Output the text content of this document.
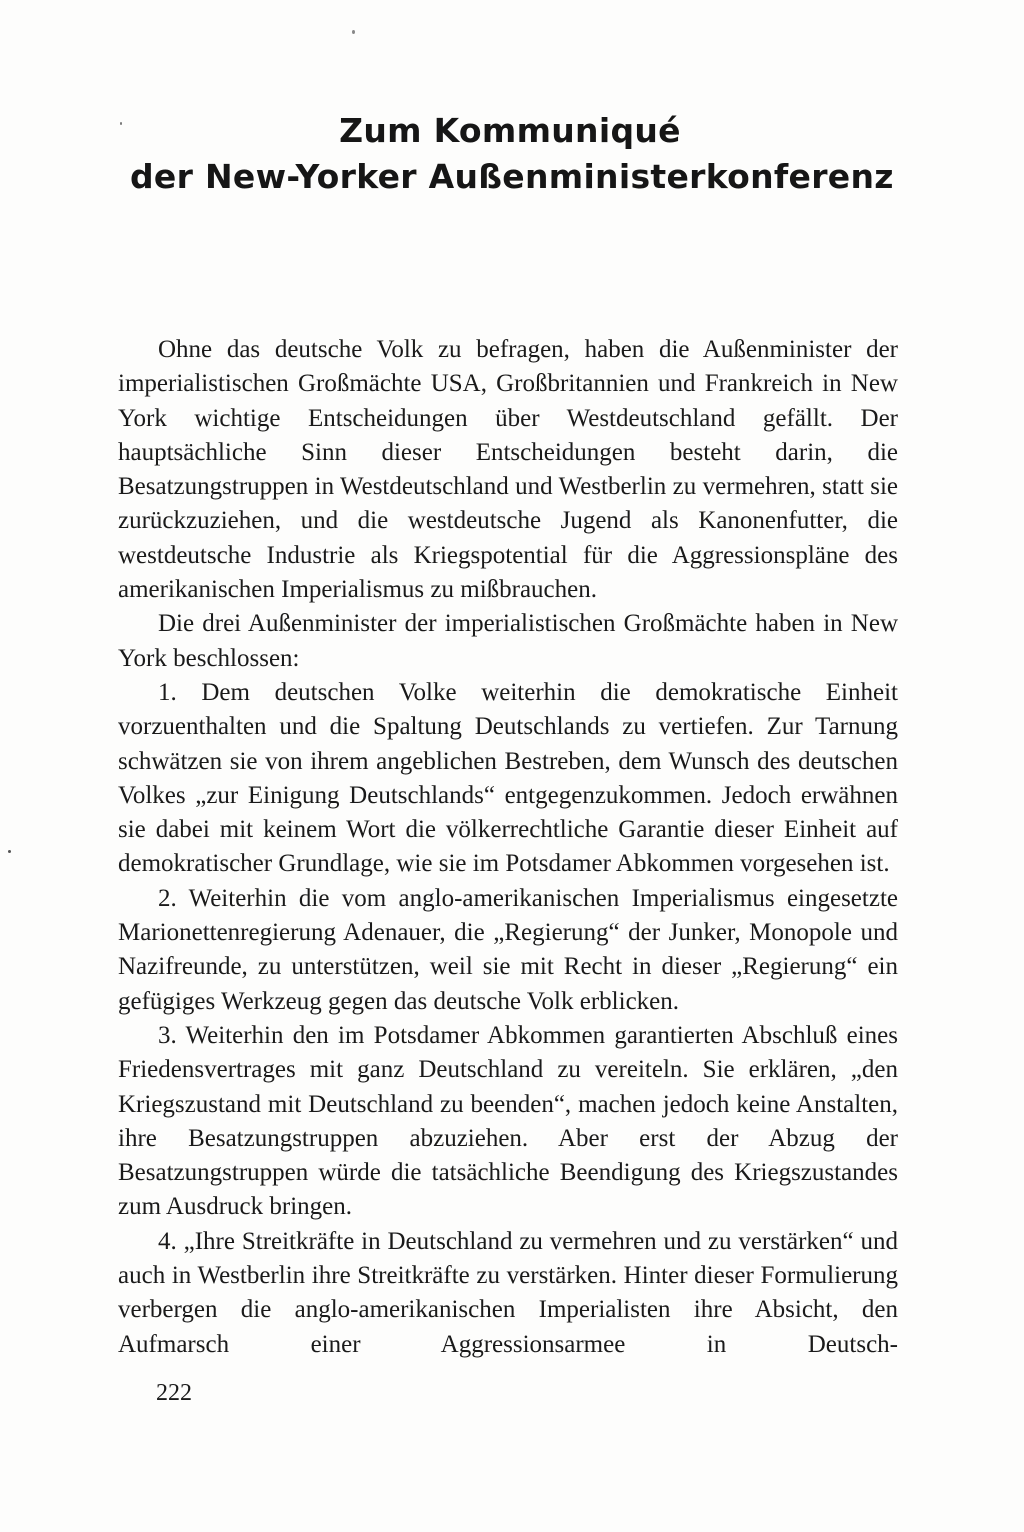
Zum Kommuniqué
der New-Yorker Außenministerkonferenz

Ohne das deutsche Volk zu befragen, haben die Außenminister der imperialistischen Großmächte USA, Großbritannien und Frankreich in New York wichtige Entscheidungen über Westdeutschland gefällt. Der hauptsächliche Sinn dieser Entscheidungen besteht darin, die Besatzungstruppen in Westdeutschland und Westberlin zu vermehren, statt sie zurückzuziehen, und die westdeutsche Jugend als Kanonenfutter, die westdeutsche Industrie als Kriegspotential für die Aggressionspläne des amerikanischen Imperialismus zu mißbrauchen.

Die drei Außenminister der imperialistischen Großmächte haben in New York beschlossen:

1. Dem deutschen Volke weiterhin die demokratische Einheit vorzuenthalten und die Spaltung Deutschlands zu vertiefen. Zur Tarnung schwätzen sie von ihrem angeblichen Bestreben, dem Wunsch des deutschen Volkes „zur Einigung Deutschlands“ entgegenzukommen. Jedoch erwähnen sie dabei mit keinem Wort die völkerrechtliche Garantie dieser Einheit auf demokratischer Grundlage, wie sie im Potsdamer Abkommen vorgesehen ist.

2. Weiterhin die vom anglo-amerikanischen Imperialismus eingesetzte Marionettenregierung Adenauer, die „Regierung“ der Junker, Monopole und Nazifreunde, zu unterstützen, weil sie mit Recht in dieser „Regierung“ ein gefügiges Werkzeug gegen das deutsche Volk erblicken.

3. Weiterhin den im Potsdamer Abkommen garantierten Abschluß eines Friedensvertrages mit ganz Deutschland zu vereiteln. Sie erklären, „den Kriegszustand mit Deutschland zu beenden“, machen jedoch keine Anstalten, ihre Besatzungstruppen abzuziehen. Aber erst der Abzug der Besatzungstruppen würde die tatsächliche Beendigung des Kriegszustandes zum Ausdruck bringen.

4. „Ihre Streitkräfte in Deutschland zu vermehren und zu verstärken“ und auch in Westberlin ihre Streitkräfte zu verstärken. Hinter dieser Formulierung verbergen die anglo-amerikanischen Imperialisten ihre Absicht, den Aufmarsch einer Aggressionsarmee in Deutsch-

222
